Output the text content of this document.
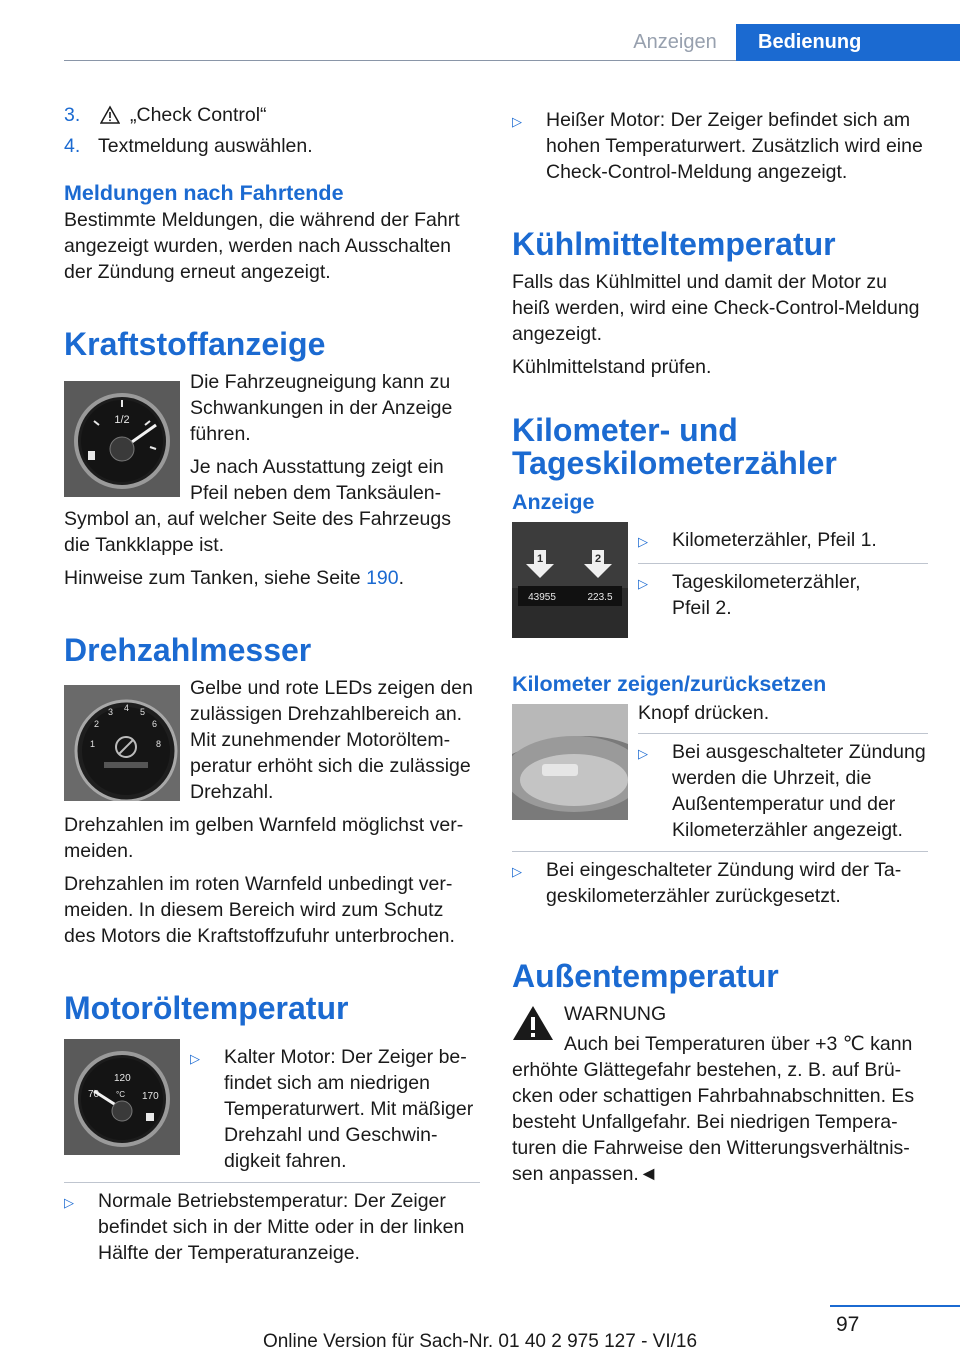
Anzeigen	Bedienung
3.	„Check Control“
4. Textmeldung auswählen.
Meldungen nach Fahrtende

Bestimmte Meldungen, die während der Fahrt angezeigt wurden, werden nach Ausschalten der Zündung erneut angezeigt.

Kraftstoffanzeige
1/2

Die Fahrzeugneigung kann zu Schwankungen in der Anzeige führen.

Je nach Ausstattung zeigt ein Pfeil neben dem Tanksäulen-Symbol an, auf welcher Seite des Fahrzeugs die Tankklappe ist.

Hinweise zum Tanken, siehe Seite 190.

Drehzahlmesser
1
2
3 4 5
6
8

Gelbe und rote LEDs zeigen den zulässigen Drehzahlbereich an. Mit zunehmender Motoröltemperatur erhöht sich die zulässige Drehzahl.

Drehzahlen im gelben Warnfeld möglichst vermeiden.

Drehzahlen im roten Warnfeld unbedingt vermeiden. In diesem Bereich wird zum Schutz des Motors die Kraftstoffzufuhr unterbrochen.

Motoröltemperatur
70
120
°C 170
▷	Kalter Motor: Der Zeiger befindet sich am niedrigen Temperaturwert. Mit mäßiger Drehzahl und Geschwindigkeit fahren.
▷	Normale Betriebstemperatur: Der Zeiger befindet sich in der Mitte oder in der linken Hälfte der Temperaturanzeige.
▷	Heißer Motor: Der Zeiger befindet sich am hohen Temperaturwert. Zusätzlich wird eine Check-Control-Meldung angezeigt.
Kühlmitteltemperatur

Falls das Kühlmittel und damit der Motor zu heiß werden, wird eine Check-Control-Meldung angezeigt.

Kühlmittelstand prüfen.

Kilometer- und Tageskilometerzähler
Anzeige
1	2
43955	223.5
▷	Kilometerzähler, Pfeil 1.
▷	Tageskilometerzähler, Pfeil 2.
Kilometer zeigen/zurücksetzen

Knopf drücken.

▷	Bei ausgeschalteter Zündung werden die Uhrzeit, die Außentemperatur und der Kilometerzähler angezeigt.
▷	Bei eingeschalteter Zündung wird der Tageskilometerzähler zurückgesetzt.
Außentemperatur

WARNUNG

Auch bei Temperaturen über +3 ℃ kann erhöhte Glättegefahr bestehen, z. B. auf Brücken oder schattigen Fahrbahnabschnitten. Es besteht Unfallgefahr. Bei niedrigen Temperaturen die Fahrweise den Witterungsverhältnissen anpassen.◄

97
Online Version für Sach-Nr. 01 40 2 975 127 - VI/16
